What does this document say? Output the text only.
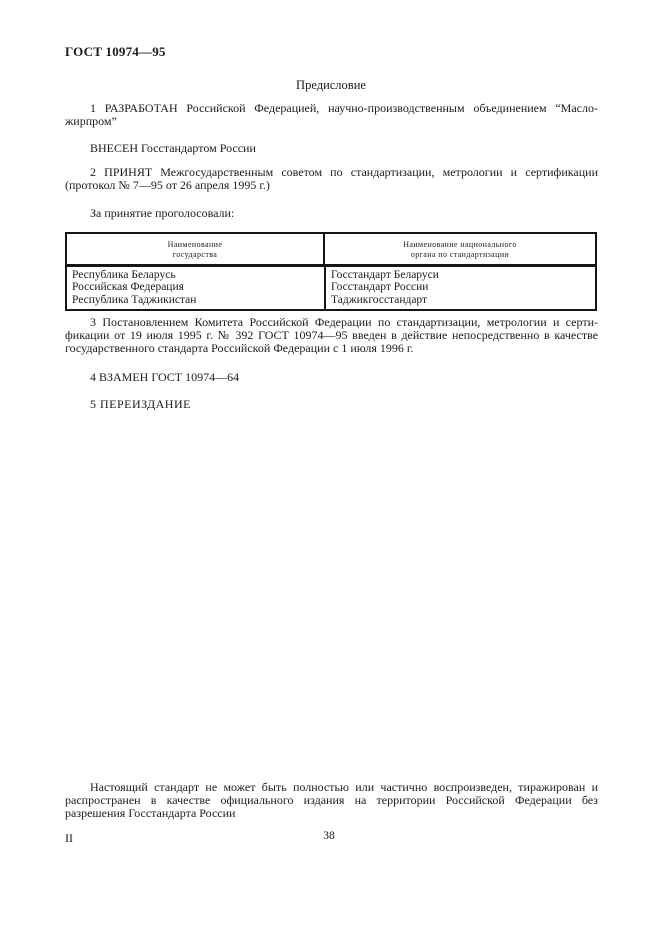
ГОСТ 10974—95
Предисловие
1 РАЗРАБОТАН Российской Федерацией, научно-производственным объединением “Масло-
жирпром”
ВНЕСЕН Госстандартом России
2 ПРИНЯТ Межгосударственным советом по стандартизации, метрологии и сертификации
(протокол № 7—95 от 26 апреля 1995 г.)
За принятие проголосовали:
Наименование
государства
Наименование национального
органа по стандартизации
Республика Беларусь
Российская Федерация
Республика Таджикистан
Госстандарт Беларуси
Госстандарт России
Таджикгосстандарт
3 Постановлением Комитета Российской Федерации по стандартизации, метрологии и серти-
фикации от 19 июля 1995 г. № 392 ГОСТ 10974—95 введен в действие непосредственно в качестве
государственного стандарта Российской Федерации с 1 июля 1996 г.
4 ВЗАМЕН ГОСТ 10974—64
5 ПЕРЕИЗДАНИЕ
Настоящий стандарт не может быть полностью или частично воспроизведен, тиражирован и
распространен в качестве официального издания на территории Российской Федерации без
разрешения Госстандарта России
II	38
